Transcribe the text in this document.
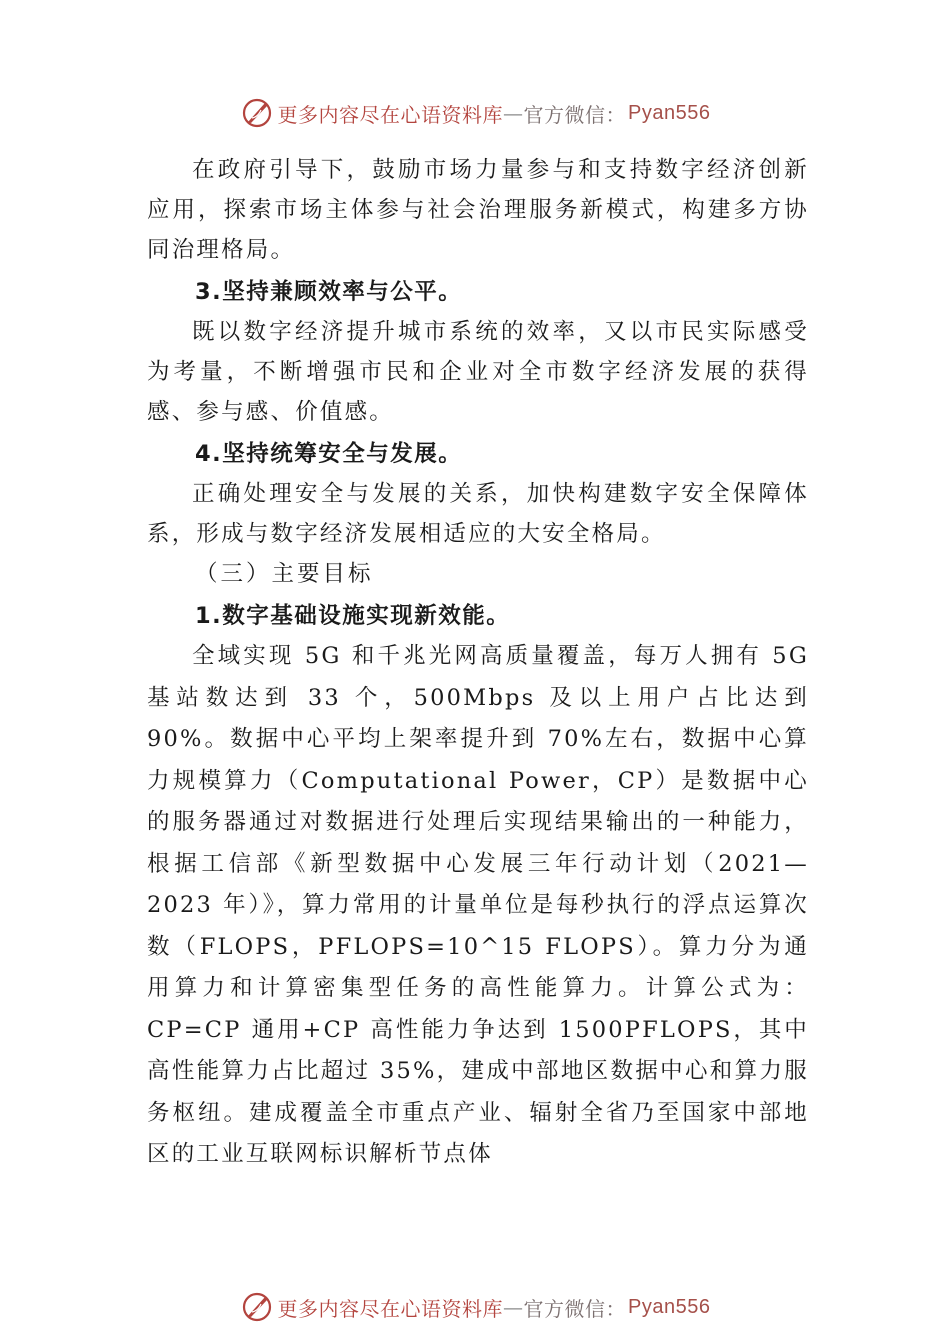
更多内容尽在心语资料库 — 官方微信： Pyan556

在政府引导下，鼓励市场力量参与和支持数字经济创新应用，探索市场主体参与社会治理服务新模式，构建多方协同治理格局。

3.坚持兼顾效率与公平。

既以数字经济提升城市系统的效率，又以市民实际感受为考量，不断增强市民和企业对全市数字经济发展的获得感、参与感、价值感。

4.坚持统筹安全与发展。

正确处理安全与发展的关系，加快构建数字安全保障体系，形成与数字经济发展相适应的大安全格局。

（三）主要目标

1.数字基础设施实现新效能。

全域实现 5G 和千兆光网高质量覆盖，每万人拥有 5G 基站数达到 33 个，500Mbps 及以上用户占比达到 90%。数据中心平均上架率提升到 70%左右，数据中心算力规模算力（Computational Power，CP）是数据中心的服务器通过对数据进行处理后实现结果输出的一种能力，根据工信部《新型数据中心发展三年行动计划（2021—2023 年）》，算力常用的计量单位是每秒执行的浮点运算次数（FLOPS，PFLOPS=10^15 FLOPS）。算力分为通用算力和计算密集型任务的高性能算力。计算公式为：CP=CP 通用+CP 高性能力争达到 1500PFLOPS，其中高性能算力占比超过 35%，建成中部地区数据中心和算力服务枢纽。建成覆盖全市重点产业、辐射全省乃至国家中部地区的工业互联网标识解析节点体

更多内容尽在心语资料库 — 官方微信： Pyan556
